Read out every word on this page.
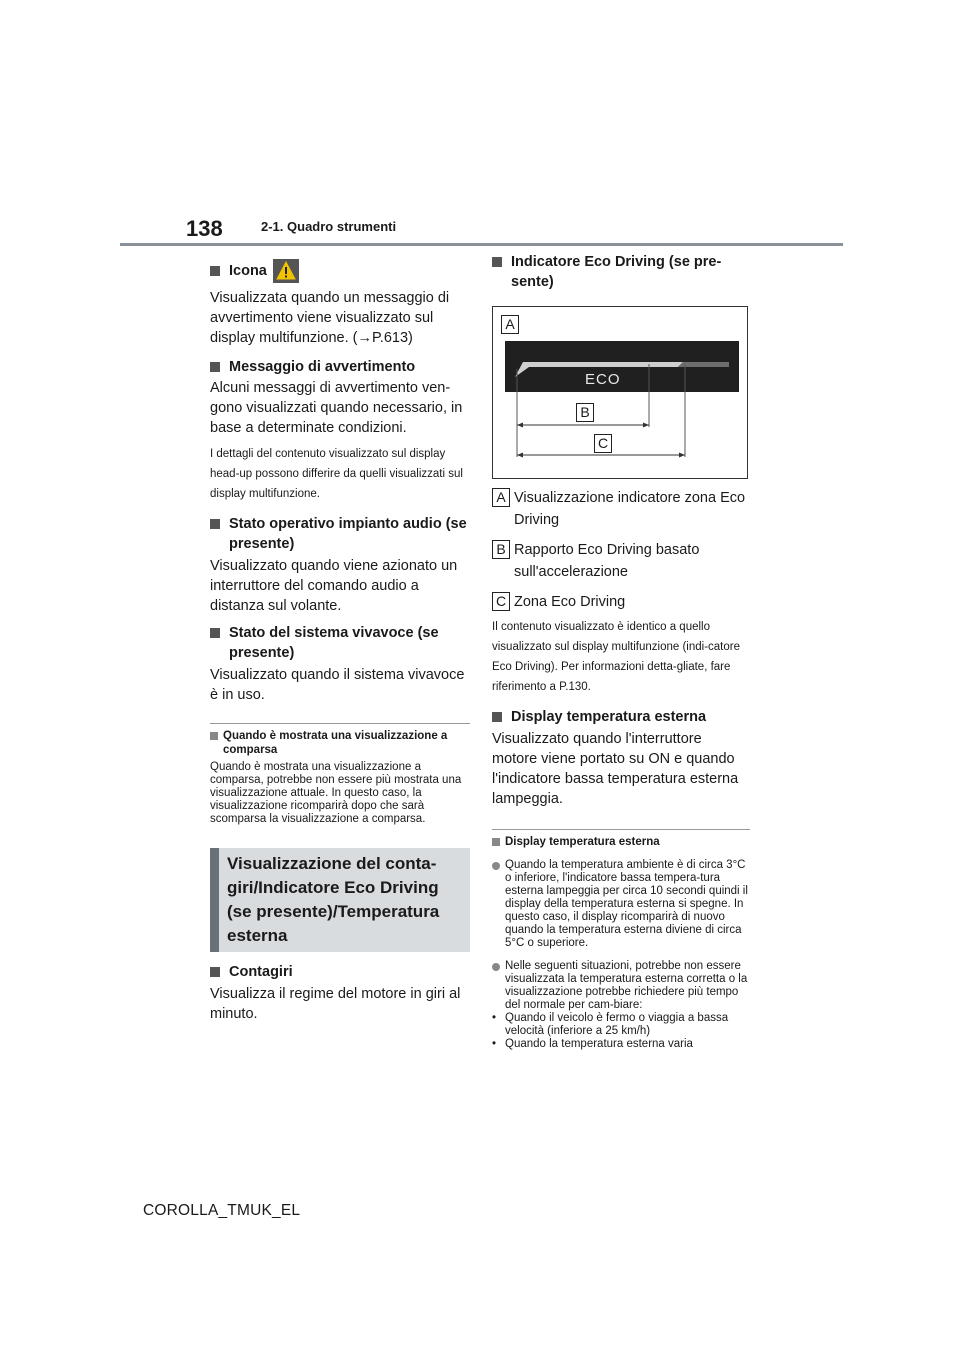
138	2-1. Quadro strumenti

Icona

Visualizzata quando un messaggio di avvertimento viene visualizzato sul display multifunzione. (→P.613)

Messaggio di avvertimento

Alcuni messaggi di avvertimento ven-gono visualizzati quando necessario, in base a determinate condizioni.

I dettagli del contenuto visualizzato sul display head-up possono differire da quelli visualizzati sul display multifunzione.

Stato operativo impianto audio (se presente)

Visualizzato quando viene azionato un interruttore del comando audio a distanza sul volante.

Stato del sistema vivavoce (se presente)

Visualizzato quando il sistema vivavoce è in uso.

Quando è mostrata una visualizzazione a comparsa

Quando è mostrata una visualizzazione a comparsa, potrebbe non essere più mostrata una visualizzazione attuale. In questo caso, la visualizzazione ricomparirà dopo che sarà scomparsa la visualizzazione a comparsa.

Visualizzazione del conta-giri/Indicatore Eco Driving (se presente)/Temperatura esterna

Contagiri

Visualizza il regime del motore in giri al minuto.

Indicatore Eco Driving (se pre-sente)

A
ECO
B
C

A Visualizzazione indicatore zona Eco Driving

B Rapporto Eco Driving basato sull'accelerazione

C Zona Eco Driving

Il contenuto visualizzato è identico a quello visualizzato sul display multifunzione (indi-catore Eco Driving). Per informazioni detta-gliate, fare riferimento a P.130.

Display temperatura esterna

Visualizzato quando l'interruttore motore viene portato su ON e quando l'indicatore bassa temperatura esterna lampeggia.

Display temperatura esterna

Quando la temperatura ambiente è di circa 3°C o inferiore, l'indicatore bassa tempera-tura esterna lampeggia per circa 10 secondi quindi il display della temperatura esterna si spegne. In questo caso, il display ricomparirà di nuovo quando la temperatura esterna diviene di circa 5°C o superiore.

Nelle seguenti situazioni, potrebbe non essere visualizzata la temperatura esterna corretta o la visualizzazione potrebbe richiedere più tempo del normale per cam-biare:

• Quando il veicolo è fermo o viaggia a bassa velocità (inferiore a 25 km/h)

• Quando la temperatura esterna varia

COROLLA_TMUK_EL
